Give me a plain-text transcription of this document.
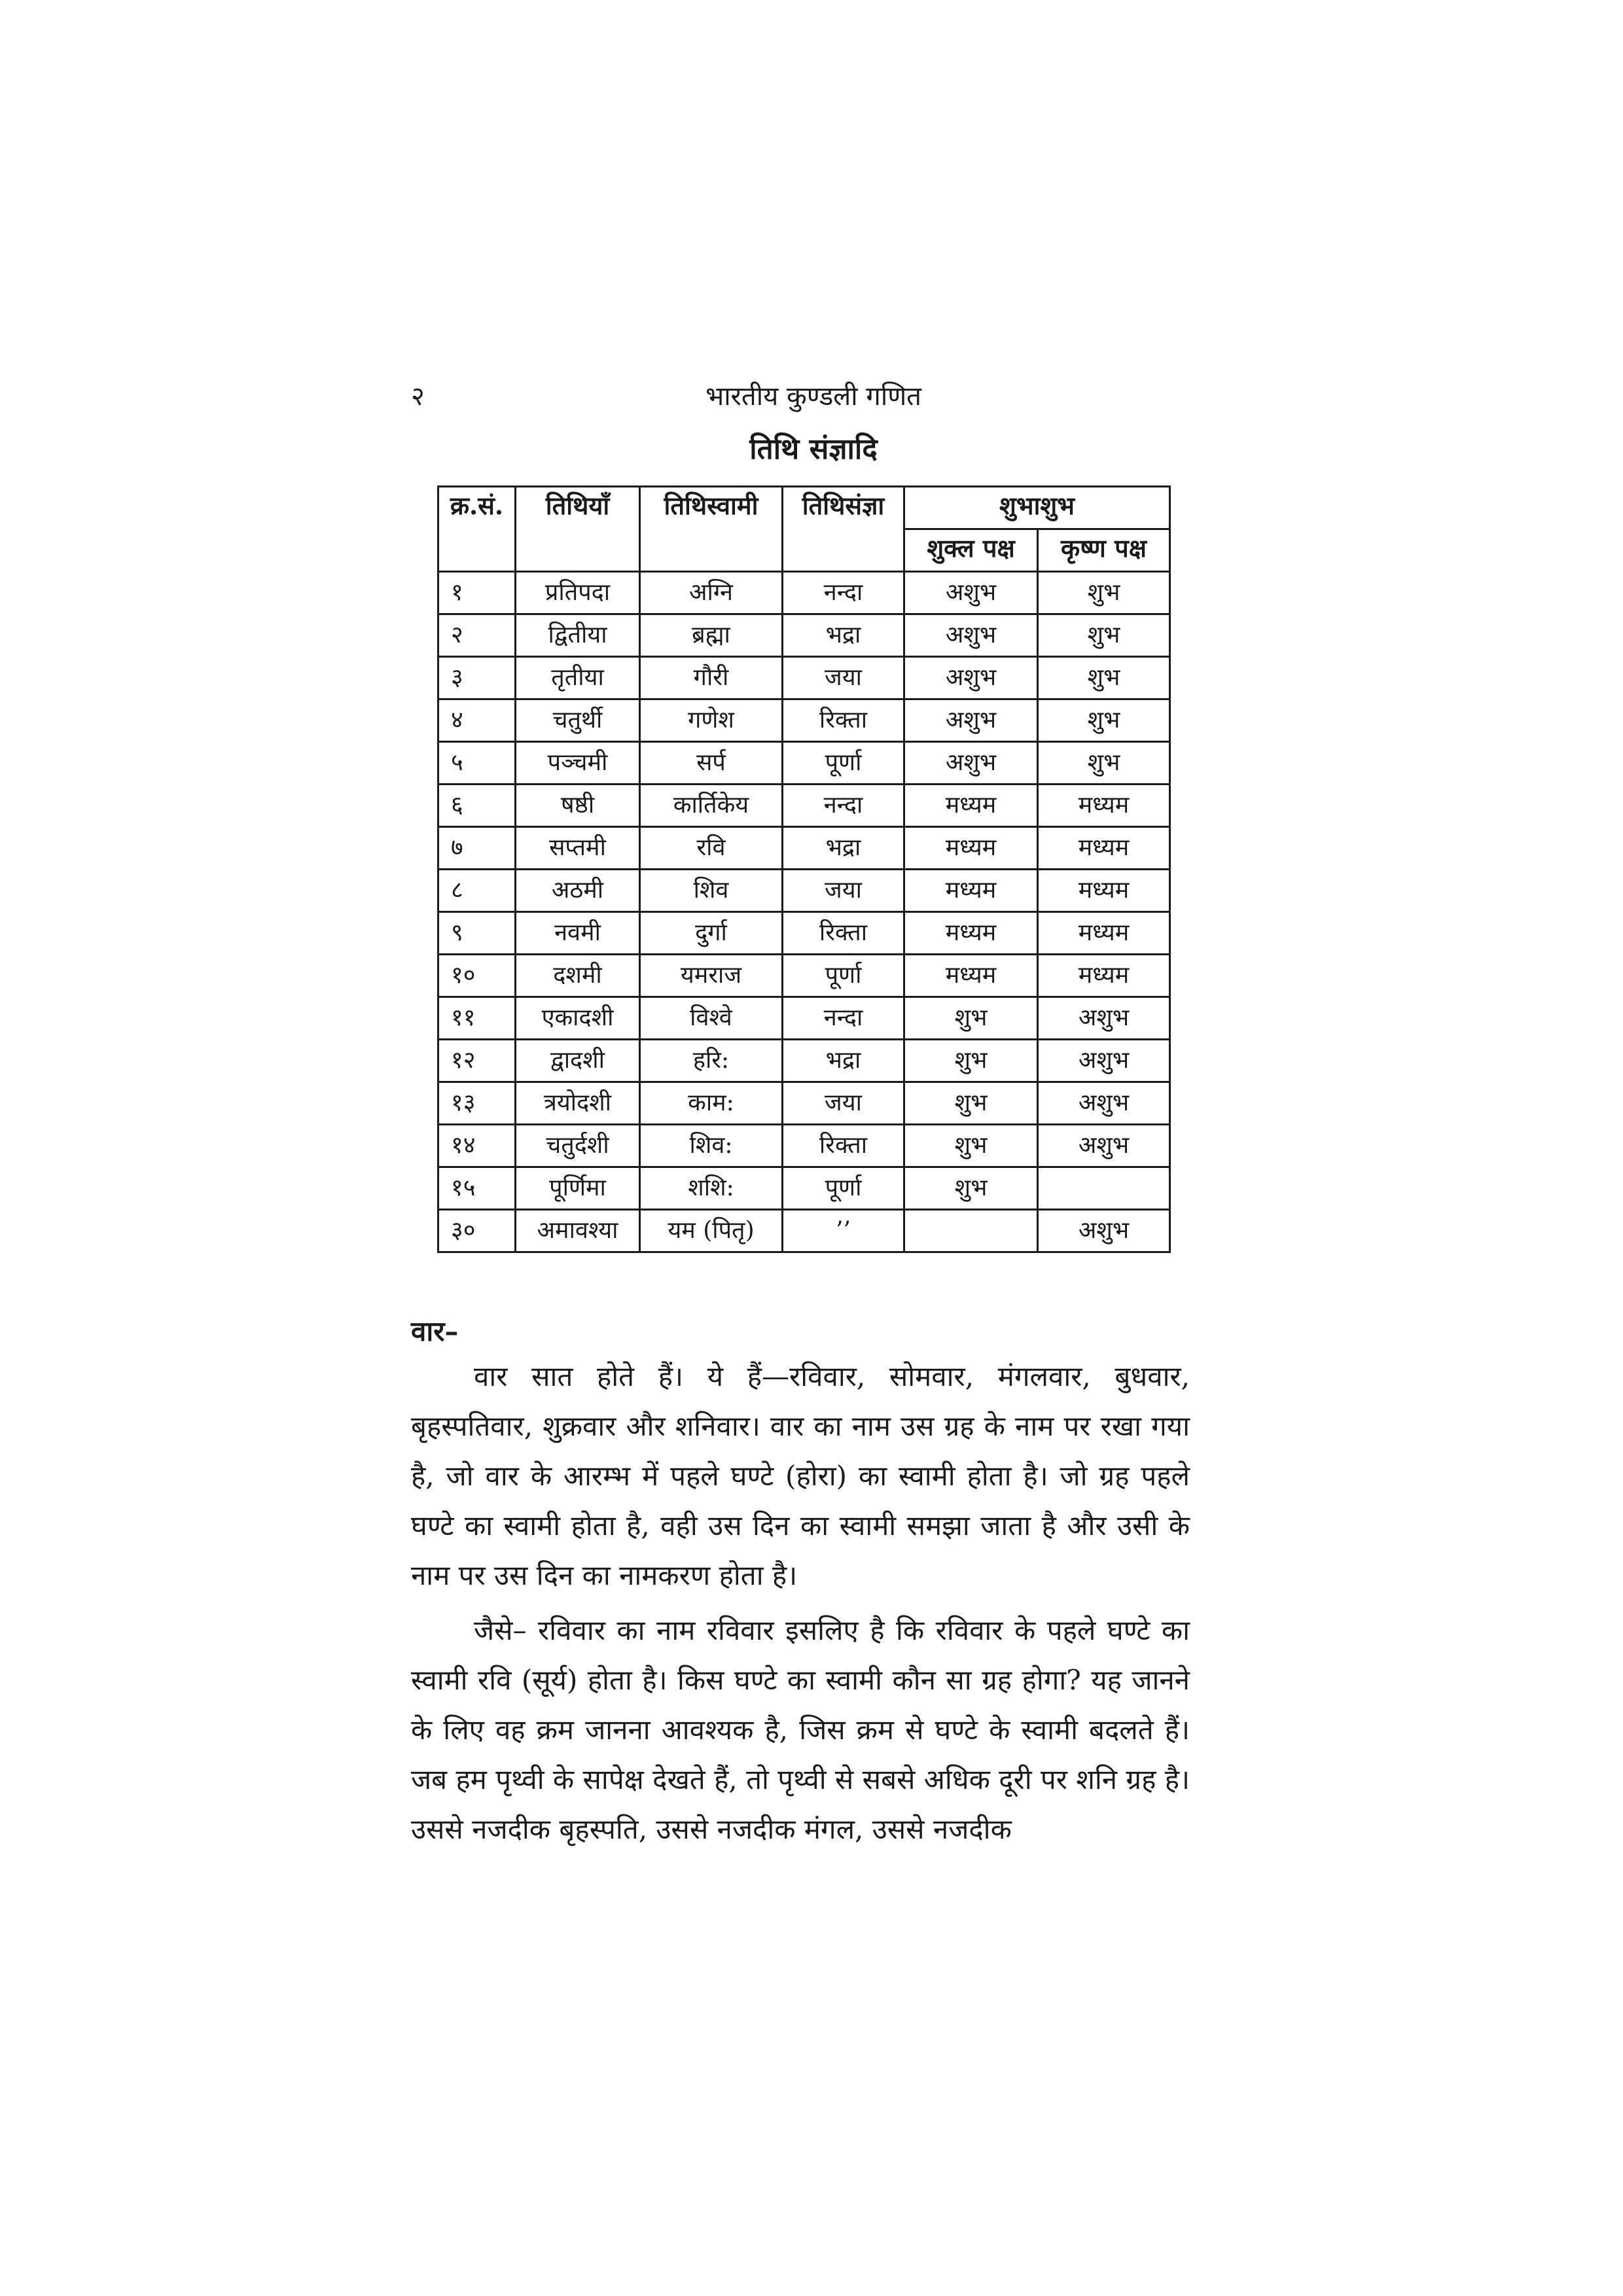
२	भारतीय कुण्डली गणित
तिथि संज्ञादि
क्र.सं.	तिथियाँ	तिथिस्वामी	तिथिसंज्ञा	शुभाशुभ	
				शुक्ल पक्ष	कृष्ण पक्ष
१	प्रतिपदा	अग्नि	नन्दा	अशुभ	शुभ
२	द्वितीया	ब्रह्मा	भद्रा	अशुभ	शुभ
३	तृतीया	गौरी	जया	अशुभ	शुभ
४	चतुर्थी	गणेश	रिक्ता	अशुभ	शुभ
५	पञ्चमी	सर्प	पूर्णा	अशुभ	शुभ
६	षष्ठी	कार्तिकेय	नन्दा	मध्यम	मध्यम
७	सप्तमी	रवि	भद्रा	मध्यम	मध्यम
८	अठमी	शिव	जया	मध्यम	मध्यम
९	नवमी	दुर्गा	रिक्ता	मध्यम	मध्यम
१०	दशमी	यमराज	पूर्णा	मध्यम	मध्यम
११	एकादशी	विश्वे	नन्दा	शुभ	अशुभ
१२	द्वादशी	हरि:	भद्रा	शुभ	अशुभ
१३	त्रयोदशी	काम:	जया	शुभ	अशुभ
१४	चतुर्दशी	शिव:	रिक्ता	शुभ	अशुभ
१५	पूर्णिमा	शशि:	पूर्णा	शुभ	
३०	अमावश्या	यम (पितृ)	’’		अशुभ
वार–

वार सात होते हैं। ये हैं—रविवार, सोमवार, मंगलवार, बुधवार, बृहस्पतिवार, शुक्रवार और शनिवार। वार का नाम उस ग्रह के नाम पर रखा गया है, जो वार के आरम्भ में पहले घण्टे (होरा) का स्वामी होता है। जो ग्रह पहले घण्टे का स्वामी होता है, वही उस दिन का स्वामी समझा जाता है और उसी के नाम पर उस दिन का नामकरण होता है।

जैसे– रविवार का नाम रविवार इसलिए है कि रविवार के पहले घण्टे का स्वामी रवि (सूर्य) होता है। किस घण्टे का स्वामी कौन सा ग्रह होगा? यह जानने के लिए वह क्रम जानना आवश्यक है, जिस क्रम से घण्टे के स्वामी बदलते हैं। जब हम पृथ्वी के सापेक्ष देखते हैं, तो पृथ्वी से सबसे अधिक दूरी पर शनि ग्रह है। उससे नजदीक बृहस्पति, उससे नजदीक मंगल, उससे नजदीक
